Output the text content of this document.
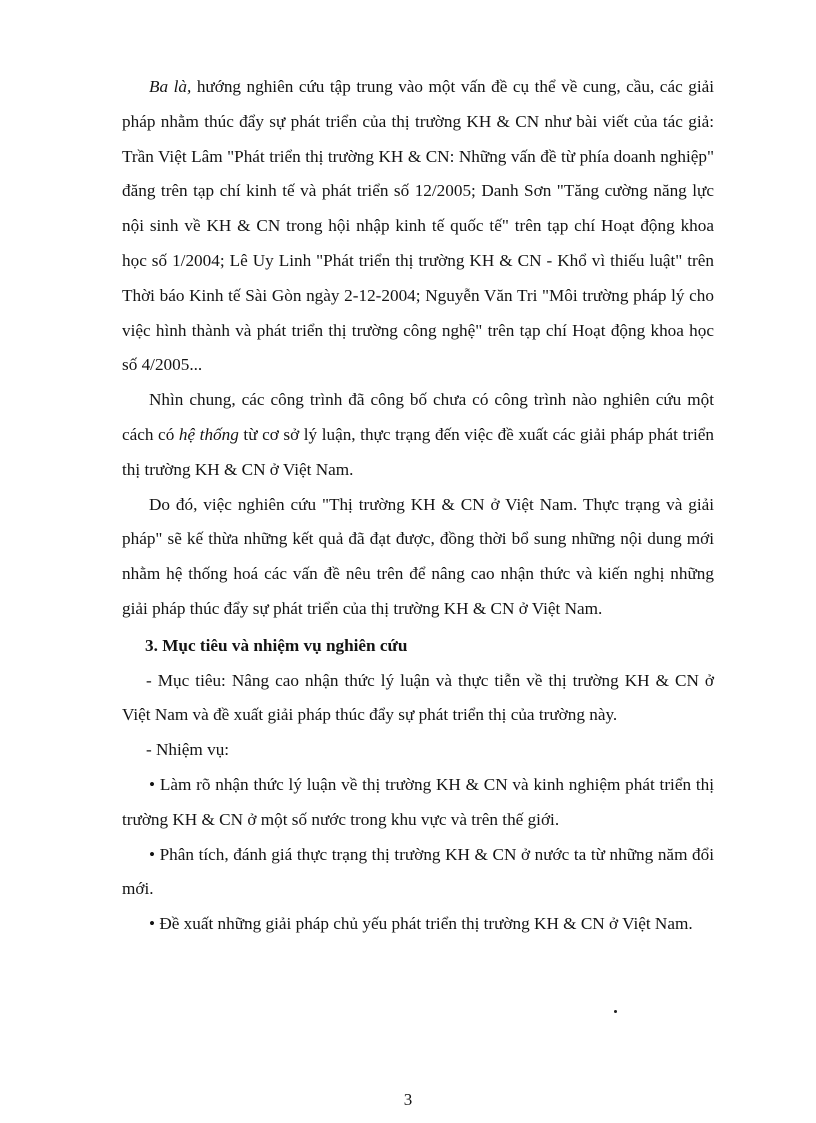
Ba là, hướng nghiên cứu tập trung vào một vấn đề cụ thể về cung, cầu, các giải pháp nhằm thúc đẩy sự phát triển của thị trường KH & CN như bài viết của tác giả: Trần Việt Lâm "Phát triển thị trường KH & CN: Những vấn đề từ phía doanh nghiệp" đăng trên tạp chí kinh tế và phát triển số 12/2005; Danh Sơn "Tăng cường năng lực nội sinh về KH & CN trong hội nhập kinh tế quốc tế" trên tạp chí Hoạt động khoa học số 1/2004; Lê Uy Linh "Phát triển thị trường KH & CN - Khổ vì thiếu luật" trên Thời báo Kinh tế Sài Gòn ngày 2-12-2004; Nguyễn Văn Tri "Môi trường pháp lý cho việc hình thành và phát triển thị trường công nghệ" trên tạp chí Hoạt động khoa học số 4/2005...

Nhìn chung, các công trình đã công bố chưa có công trình nào nghiên cứu một cách có hệ thống từ cơ sở lý luận, thực trạng đến việc đề xuất các giải pháp phát triển thị trường KH & CN ở Việt Nam.

Do đó, việc nghiên cứu "Thị trường KH & CN ở Việt Nam. Thực trạng và giải pháp" sẽ kế thừa những kết quả đã đạt được, đồng thời bổ sung những nội dung mới nhằm hệ thống hoá các vấn đề nêu trên để nâng cao nhận thức và kiến nghị những giải pháp thúc đẩy sự phát triển của thị trường KH & CN ở Việt Nam.

3. Mục tiêu và nhiệm vụ nghiên cứu

- Mục tiêu: Nâng cao nhận thức lý luận và thực tiễn về thị trường KH & CN ở Việt Nam và đề xuất giải pháp thúc đẩy sự phát triển thị của trường này.

- Nhiệm vụ:

• Làm rõ nhận thức lý luận về thị trường KH & CN và kinh nghiệm phát triển thị trường KH & CN ở một số nước trong khu vực và trên thế giới.

• Phân tích, đánh giá thực trạng thị trường KH & CN ở nước ta từ những năm đổi mới.

• Đề xuất những giải pháp chủ yếu phát triển thị trường KH & CN ở Việt Nam.

3
